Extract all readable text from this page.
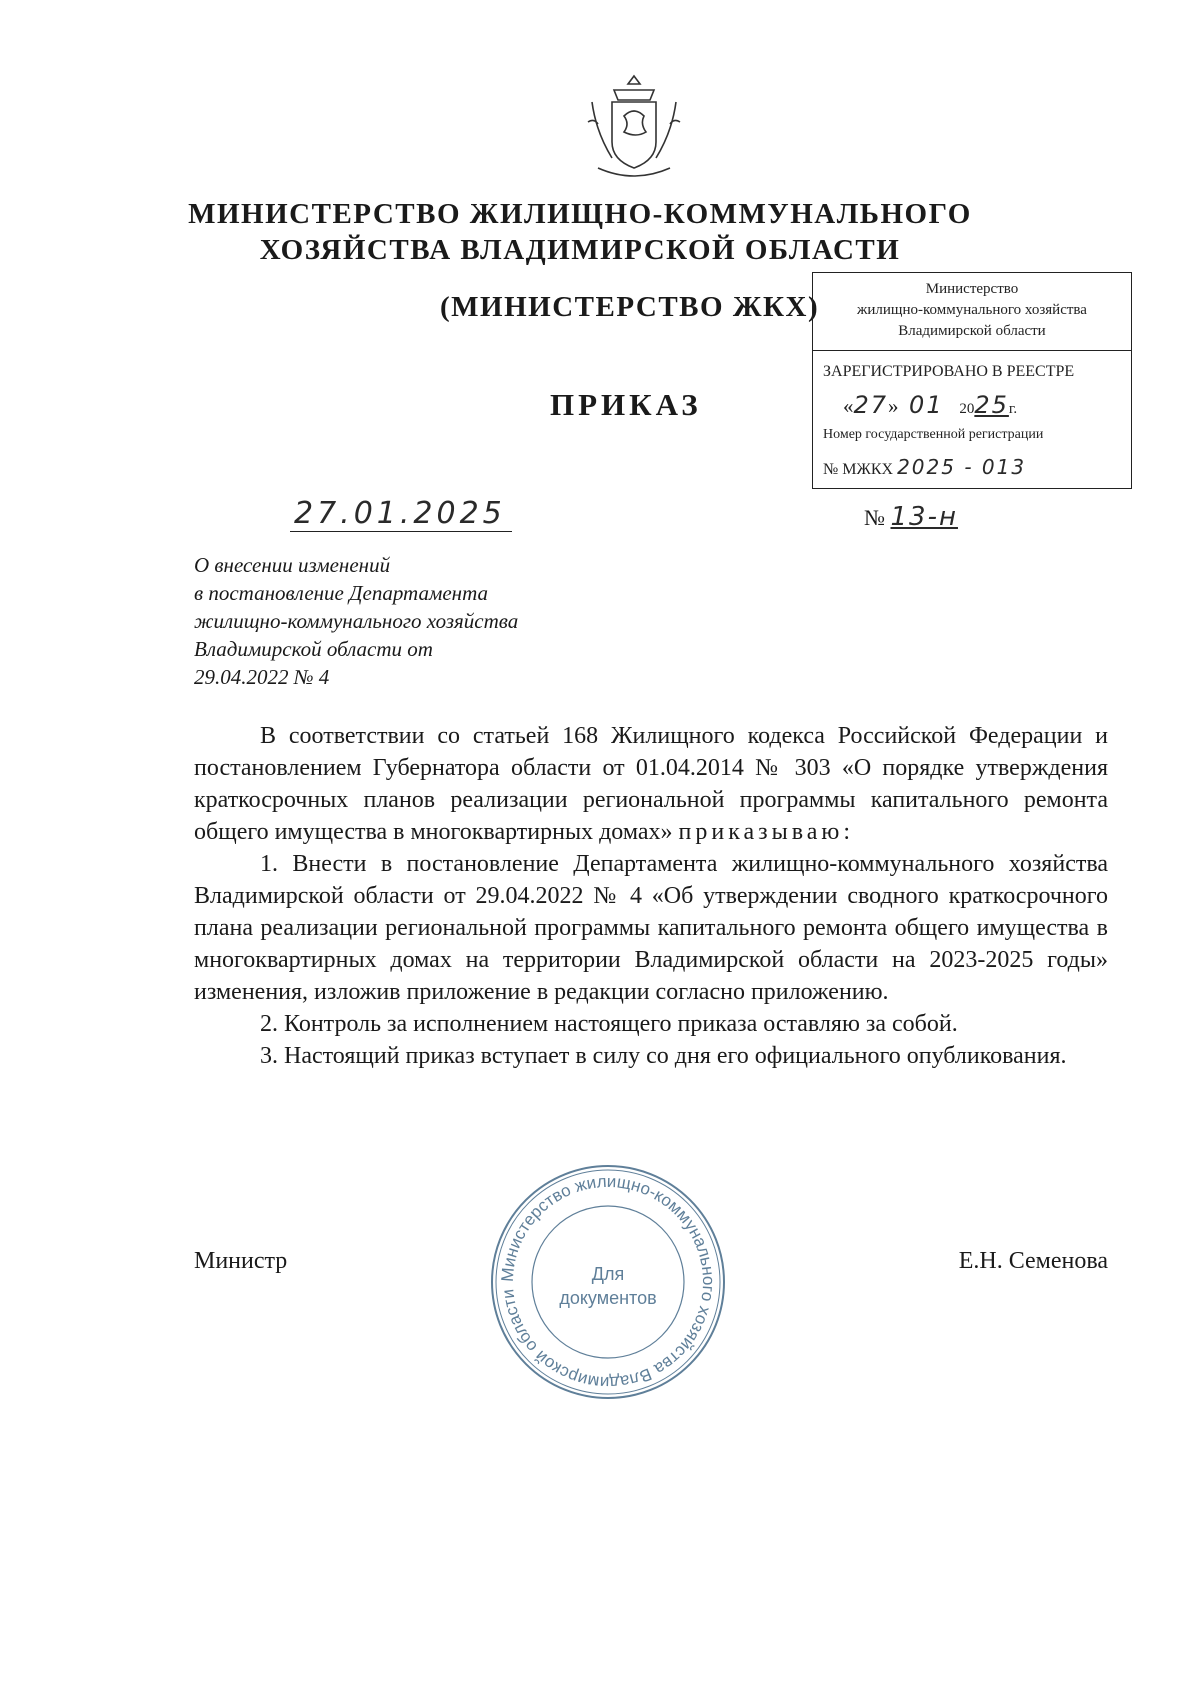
МИНИСТЕРСТВО ЖИЛИЩНО-КОММУНАЛЬНОГО
ХОЗЯЙСТВА ВЛАДИМИРСКОЙ ОБЛАСТИ
(МИНИСТЕРСТВО ЖКХ)
ПРИКАЗ
Министерство
жилищно-коммунального хозяйства
Владимирской области
ЗАРЕГИСТРИРОВАНО В РЕЕСТРЕ
«27»  01 2025г.
Номер государственной регистрации
№ МЖКХ 2025 - 013
27.01.2025	№ 13-н
О внесении изменений
в постановление Департамента
жилищно-коммунального хозяйства
Владимирской области от
29.04.2022 № 4

В соответствии со статьей 168 Жилищного кодекса Российской Федерации и постановлением Губернатора области от 01.04.2014 № 303 «О порядке утверждения краткосрочных планов реализации региональной программы капитального ремонта общего имущества в многоквартирных домах» приказываю:

1. Внести в постановление Департамента жилищно-коммунального хозяйства Владимирской области от 29.04.2022 № 4 «Об утверждении сводного краткосрочного плана реализации региональной программы капитального ремонта общего имущества в многоквартирных домах на территории Владимирской области на 2023-2025 годы» изменения, изложив приложение в редакции согласно приложению.

2. Контроль за исполнением настоящего приказа оставляю за собой.

3. Настоящий приказ вступает в силу со дня его официального опубликования.

Министр	Е.Н. Семенова
Министерство жилищно-коммунального хозяйства Владимирской области
Для
документов
